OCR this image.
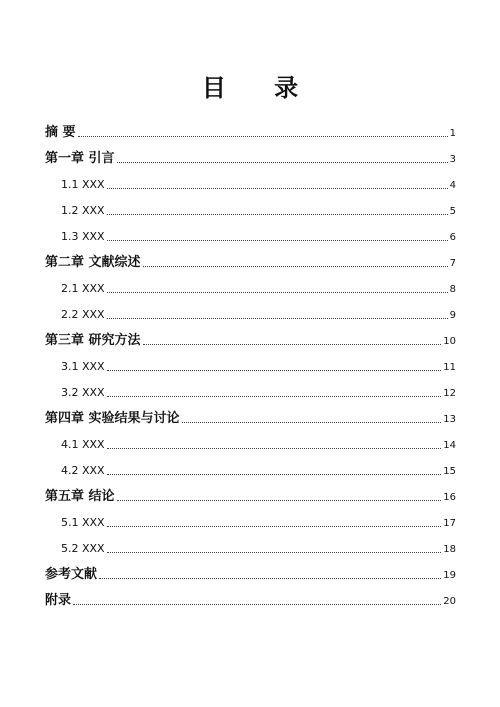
目 录
摘 要	1
第一章 引言	3
1.1 XXX	4
1.2 XXX	5
1.3 XXX	6
第二章 文献综述	7
2.1 XXX	8
2.2 XXX	9
第三章 研究方法	10
3.1 XXX	11
3.2 XXX	12
第四章 实验结果与讨论	13
4.1 XXX	14
4.2 XXX	15
第五章 结论	16
5.1 XXX	17
5.2 XXX	18
参考文献	19
附录	20
